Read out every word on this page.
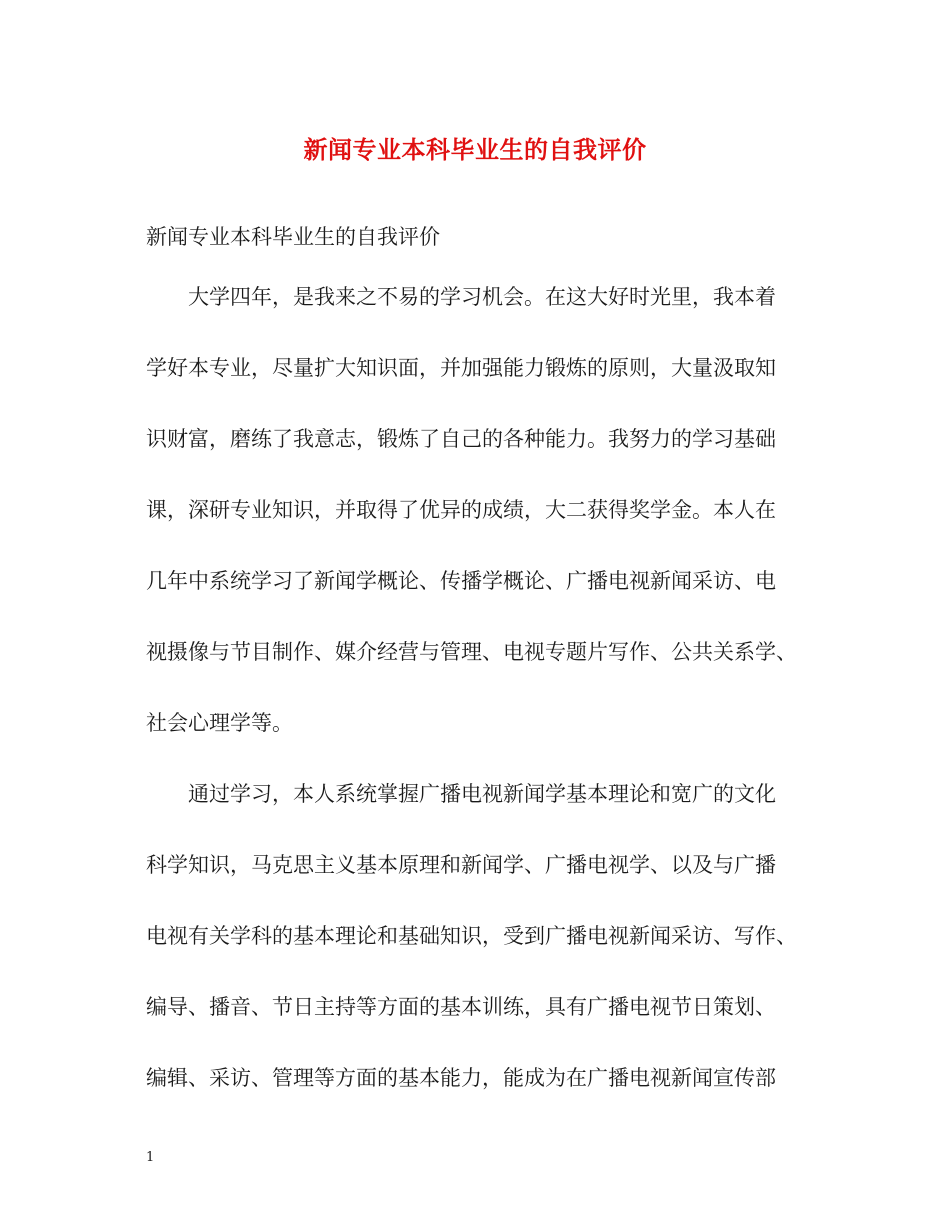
新闻专业本科毕业生的自我评价
新闻专业本科毕业生的自我评价
　　大学四年，是我来之不易的学习机会。在这大好时光里，我本着
学好本专业，尽量扩大知识面，并加强能力锻炼的原则，大量汲取知
识财富，磨练了我意志，锻炼了自己的各种能力。我努力的学习基础
课，深研专业知识，并取得了优异的成绩，大二获得奖学金。本人在
几年中系统学习了新闻学概论、传播学概论、广播电视新闻采访、电
视摄像与节目制作、媒介经营与管理、电视专题片写作、公共关系学、
社会心理学等。
　　通过学习，本人系统掌握广播电视新闻学基本理论和宽广的文化
科学知识，马克思主义基本原理和新闻学、广播电视学、以及与广播
电视有关学科的基本理论和基础知识，受到广播电视新闻采访、写作、
编导、播音、节日主持等方面的基本训练，具有广播电视节日策划、
编辑、采访、管理等方面的基本能力，能成为在广播电视新闻宣传部
1
